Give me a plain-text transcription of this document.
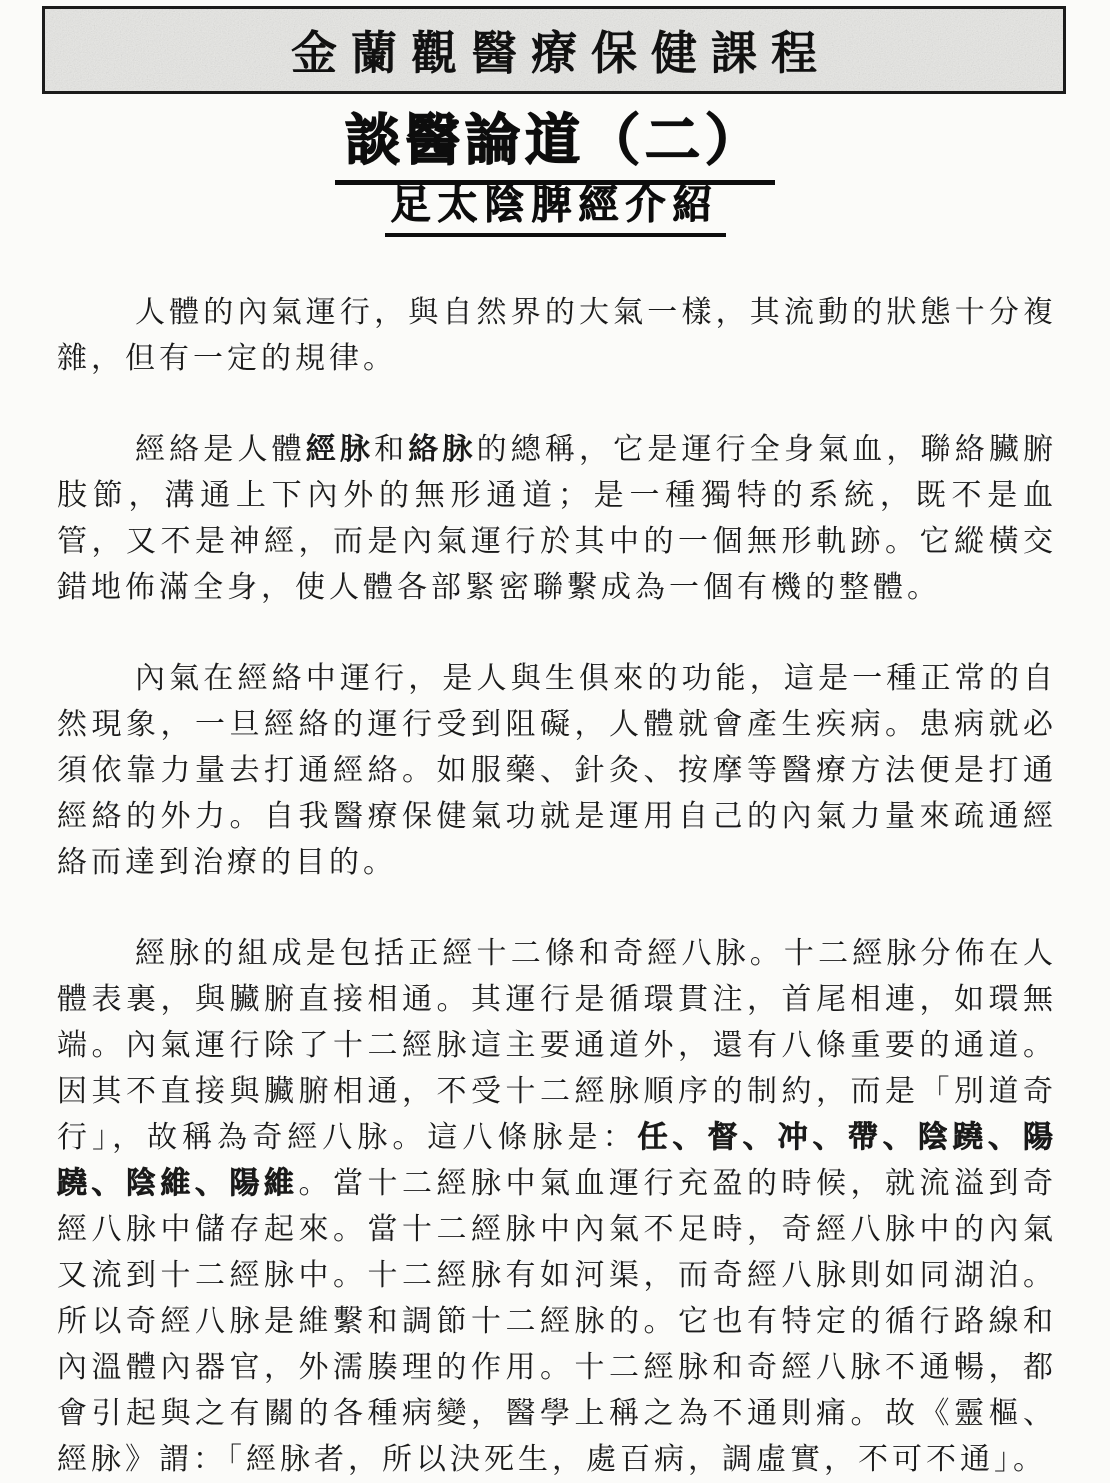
金蘭觀醫療保健課程
談醫論道（二）
足太陰脾經介紹
人體的內氣運行，與自然界的大氣一樣，其流動的狀態十分複雜，但有一定的規律。
經絡是人體經脉和絡脉的總稱，它是運行全身氣血，聯絡臟腑肢節，溝通上下內外的無形通道；是一種獨特的系統，既不是血管，又不是神經，而是內氣運行於其中的一個無形軌跡。它縱橫交錯地佈滿全身，使人體各部緊密聯繫成為一個有機的整體。
內氣在經絡中運行，是人與生俱來的功能，這是一種正常的自然現象，一旦經絡的運行受到阻礙，人體就會產生疾病。患病就必須依靠力量去打通經絡。如服藥、針灸、按摩等醫療方法便是打通經絡的外力。自我醫療保健氣功就是運用自己的內氣力量來疏通經絡而達到治療的目的。
經脉的組成是包括正經十二條和奇經八脉。十二經脉分佈在人體表裏，與臟腑直接相通。其運行是循環貫注，首尾相連，如環無端。內氣運行除了十二經脉這主要通道外，還有八條重要的通道。因其不直接與臟腑相通，不受十二經脉順序的制約，而是「別道奇行」，故稱為奇經八脉。這八條脉是：任、督、冲、帶、陰蹺、陽蹺、陰維、陽維。當十二經脉中氣血運行充盈的時候，就流溢到奇經八脉中儲存起來。當十二經脉中內氣不足時，奇經八脉中的內氣又流到十二經脉中。十二經脉有如河渠，而奇經八脉則如同湖泊。所以奇經八脉是維繫和調節十二經脉的。它也有特定的循行路線和內溫體內器官，外濡腠理的作用。十二經脉和奇經八脉不通暢，都會引起與之有關的各種病變，醫學上稱之為不通則痛。故《靈樞、經脉》謂：「經脉者，所以決死生，處百病，調虛實，不可不通」。
